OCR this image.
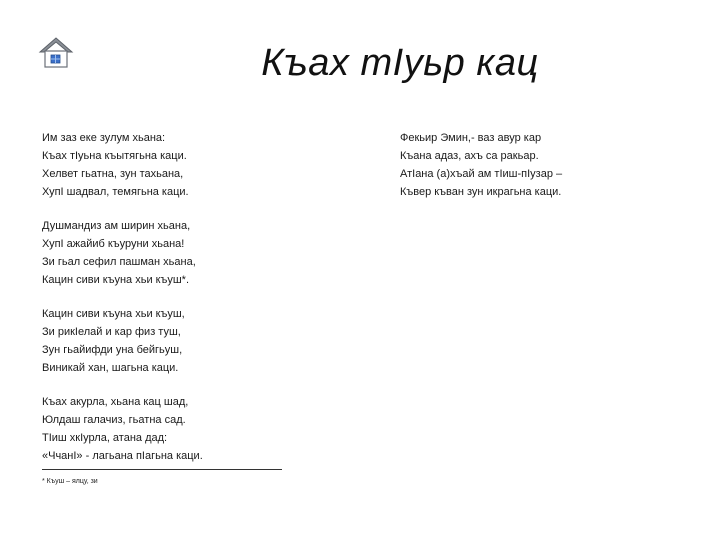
Къах тӀуьр кац
Им заз еке зулум хьана:
Къах тӀуьна къытягьна каци.
Хелвет гьатна, зун тахьана,
ХупӀ шадвал, темягьна каци.
Душмандиз ам ширин хьана,
ХупӀ ажайиб къуруни хьана!
Зи гьал сефил пашман хьана,
Кацин сиви къуна хьи къуш*.
Кацин сиви къуна хьи къуш,
Зи рикӀелай и кар физ туш,
Зун гьайифди уна бейгьуш,
Виникай хан, шагьна каци.
Къах акурла, хьана кац шад,
Юлдаш галачиз, гьатна сад.
ТӀиш хкӀурла, атана дад:
«ЧчанӀ» - лагьана пӀагьна каци.
Фекьир Эмин,- ваз авур кар
Къана адаз, ахъ са ракьар.
АтӀана (а)хъай ам тӀиш-пӀузар –
Къвер къван зун икрагьна каци.
* Къуш – ялцу, зи
